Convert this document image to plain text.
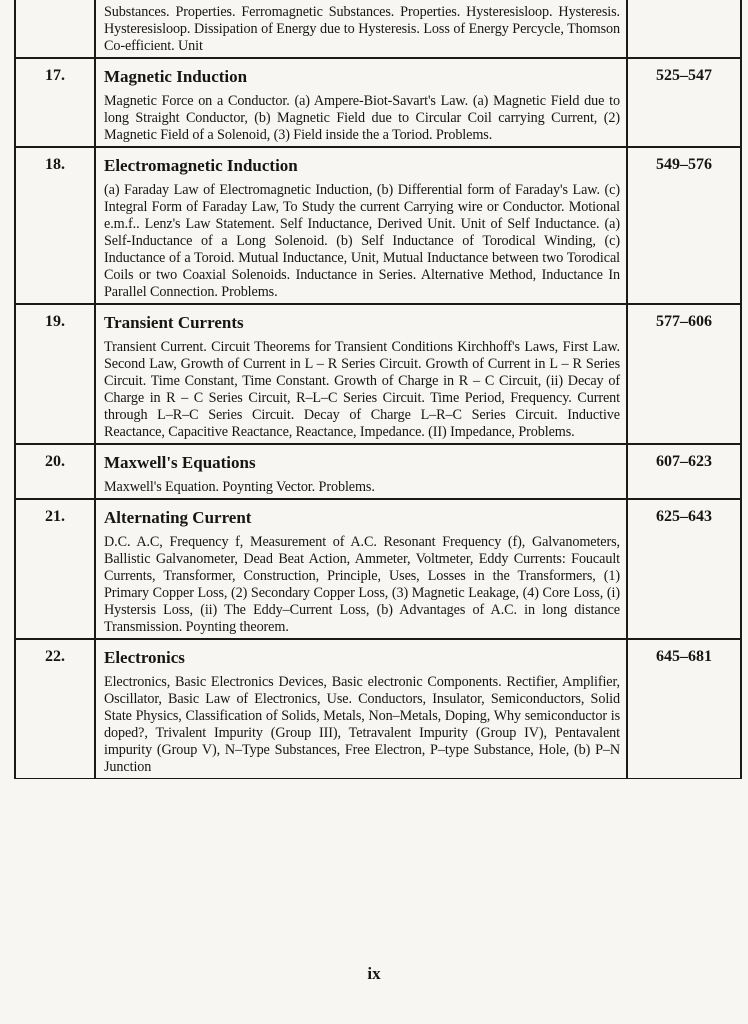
	Substances. Properties. Ferromagnetic Substances. Properties. Hysteresisloop. Hysteresis. Hysteresisloop. Dissipation of Energy due to Hysteresis. Loss of Energy Percycle, Thomson Co-efficient. Unit	

17.	Magnetic Induction
Magnetic Force on a Conductor. (a) Ampere-Biot-Savart's Law. (a) Magnetic Field due to long Straight Conductor, (b) Magnetic Field due to Circular Coil carrying Current, (2) Magnetic Field of a Solenoid, (3) Field inside the a Toriod. Problems.	525–547
18.	Electromagnetic Induction
(a) Faraday Law of Electromagnetic Induction, (b) Differential form of Faraday's Law. (c) Integral Form of Faraday Law, To Study the current Carrying wire or Conductor. Motional e.m.f.. Lenz's Law Statement. Self Inductance, Derived Unit. Unit of Self Inductance. (a) Self-Inductance of a Long Solenoid. (b) Self Inductance of Torodical Winding, (c) Inductance of a Toroid. Mutual Inductance, Unit, Mutual Inductance between two Torodical Coils or two Coaxial Solenoids. Inductance in Series. Alternative Method, Inductance In Parallel Connection. Problems.	549–576
19.	Transient Currents
Transient Current. Circuit Theorems for Transient Conditions Kirchhoff's Laws, First Law. Second Law, Growth of Current in L – R Series Circuit. Growth of Current in L – R Series Circuit. Time Constant, Time Constant. Growth of Charge in R – C Circuit, (ii) Decay of Charge in R – C Series Circuit, R–L–C Series Circuit. Time Period, Frequency. Current through L–R–C Series Circuit. Decay of Charge L–R–C Series Circuit. Inductive Reactance, Capacitive Reactance, Reactance, Impedance. (II) Impedance, Problems.	577–606
20.	Maxwell's Equations
Maxwell's Equation. Poynting Vector. Problems.	607–623
21.	Alternating Current
D.C. A.C, Frequency f, Measurement of A.C. Resonant Frequency (f), Galvanometers, Ballistic Galvanometer, Dead Beat Action, Ammeter, Voltmeter, Eddy Currents: Foucault Currents, Transformer, Construction, Principle, Uses, Losses in the Transformers, (1) Primary Copper Loss, (2) Secondary Copper Loss, (3) Magnetic Leakage, (4) Core Loss, (i) Hystersis Loss, (ii) The Eddy–Current Loss, (b) Advantages of A.C. in long distance Transmission. Poynting theorem.	625–643
22.	Electronics
Electronics, Basic Electronics Devices, Basic electronic Components. Rectifier, Amplifier, Oscillator, Basic Law of Electronics, Use. Conductors, Insulator, Semiconductors, Solid State Physics, Classification of Solids, Metals, Non–Metals, Doping, Why semiconductor is doped?, Trivalent Impurity (Group III), Tetravalent Impurity (Group IV), Pentavalent impurity (Group V), N–Type Substances, Free Electron, P–type Substance, Hole, (b) P–N Junction	645–681
ix
